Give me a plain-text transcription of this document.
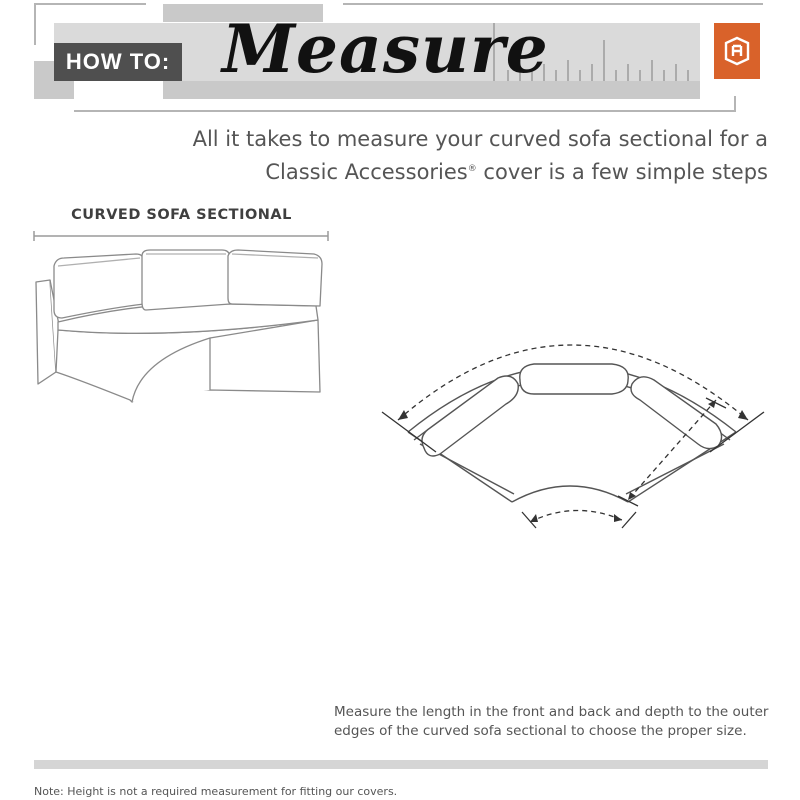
HOW TO: Measure
All it takes to measure your curved sofa sectional for a
Classic Accessories® cover is a few simple steps
CURVED SOFA SECTIONAL
Measure the length in the front and back and depth to the outer
edges of the curved sofa sectional to choose the proper size.
Note: Height is not a required measurement for fitting our covers.
